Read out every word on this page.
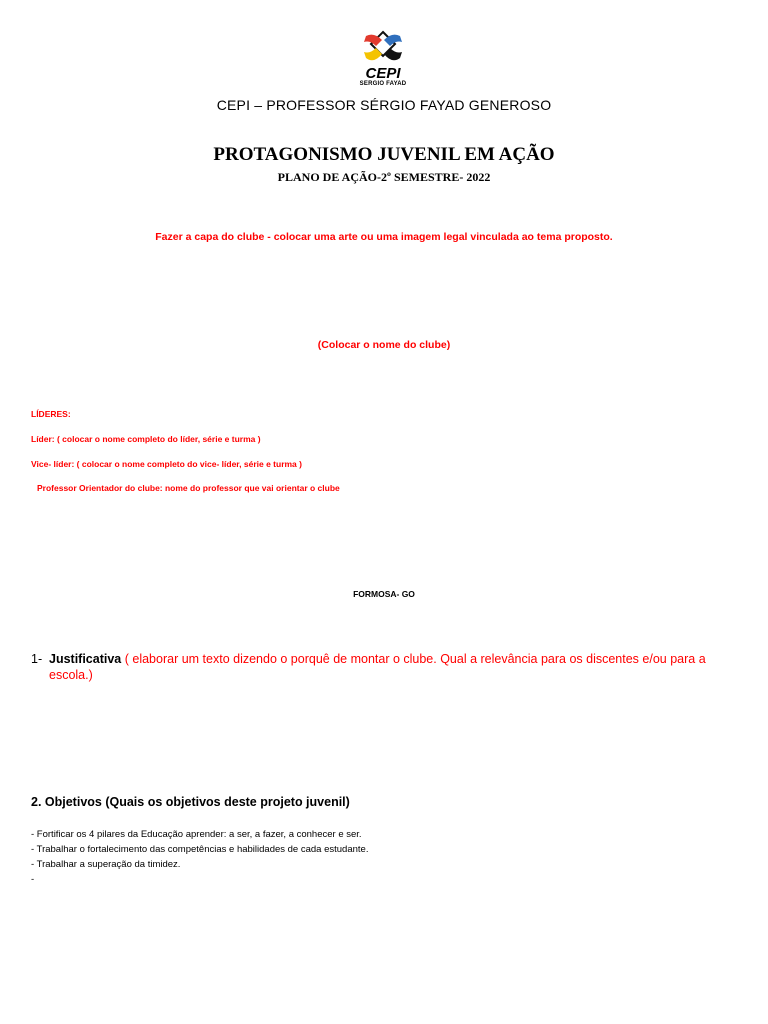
CEPI
SERGIO FAYAD
CEPI – PROFESSOR SÉRGIO FAYAD GENEROSO
PROTAGONISMO JUVENIL EM AÇÃO
PLANO DE AÇÃO-2º SEMESTRE- 2022
Fazer a capa do clube - colocar uma arte ou uma imagem legal vinculada ao tema proposto.
(Colocar o nome do clube)
LÍDERES:
Líder: ( colocar o nome completo do líder, série e turma )
Vice- líder: ( colocar o nome completo do vice- líder, série e turma )
Professor Orientador do clube: nome do professor que vai orientar o clube
FORMOSA- GO
1- Justificativa ( elaborar um texto dizendo o porquê de montar o clube. Qual a relevância para os discentes e/ou para a escola.)
2. Objetivos (Quais os objetivos deste projeto juvenil)
- Fortificar os 4 pilares da Educação aprender: a ser, a fazer, a conhecer e ser.
- Trabalhar o fortalecimento das competências e habilidades de cada estudante.
- Trabalhar a superação da timidez.
-
